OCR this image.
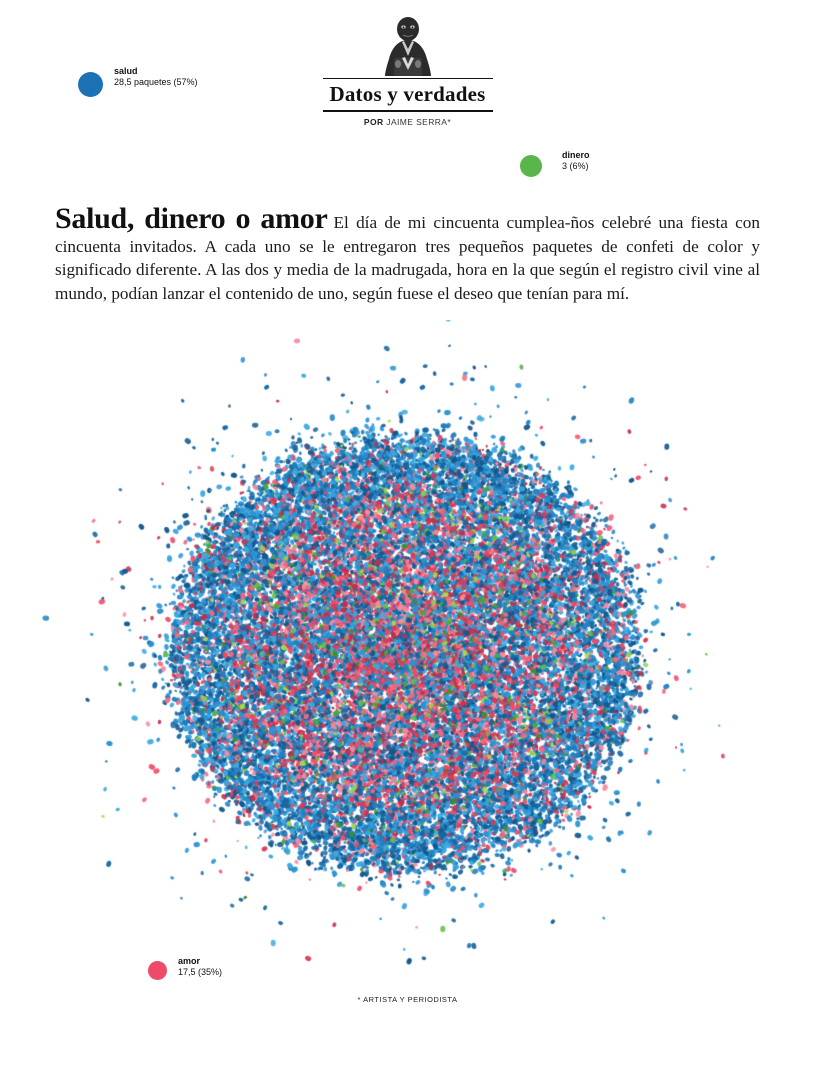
Datos y verdades
POR JAIME SERRA*
salud
28,5 paquetes (57%)
dinero
3 (6%)

Salud, dinero o amor El día de mi cincuenta cumplea-ños celebré una fiesta con cincuenta invitados. A cada uno se le entregaron tres pequeños paquetes de confeti de color y significado diferente. A las dos y media de la madrugada, hora en la que según el registro civil vine al mundo, podían lanzar el contenido de uno, según fuese el deseo que tenían para mí.

amor
17,5 (35%)
* ARTISTA Y PERIODISTA
